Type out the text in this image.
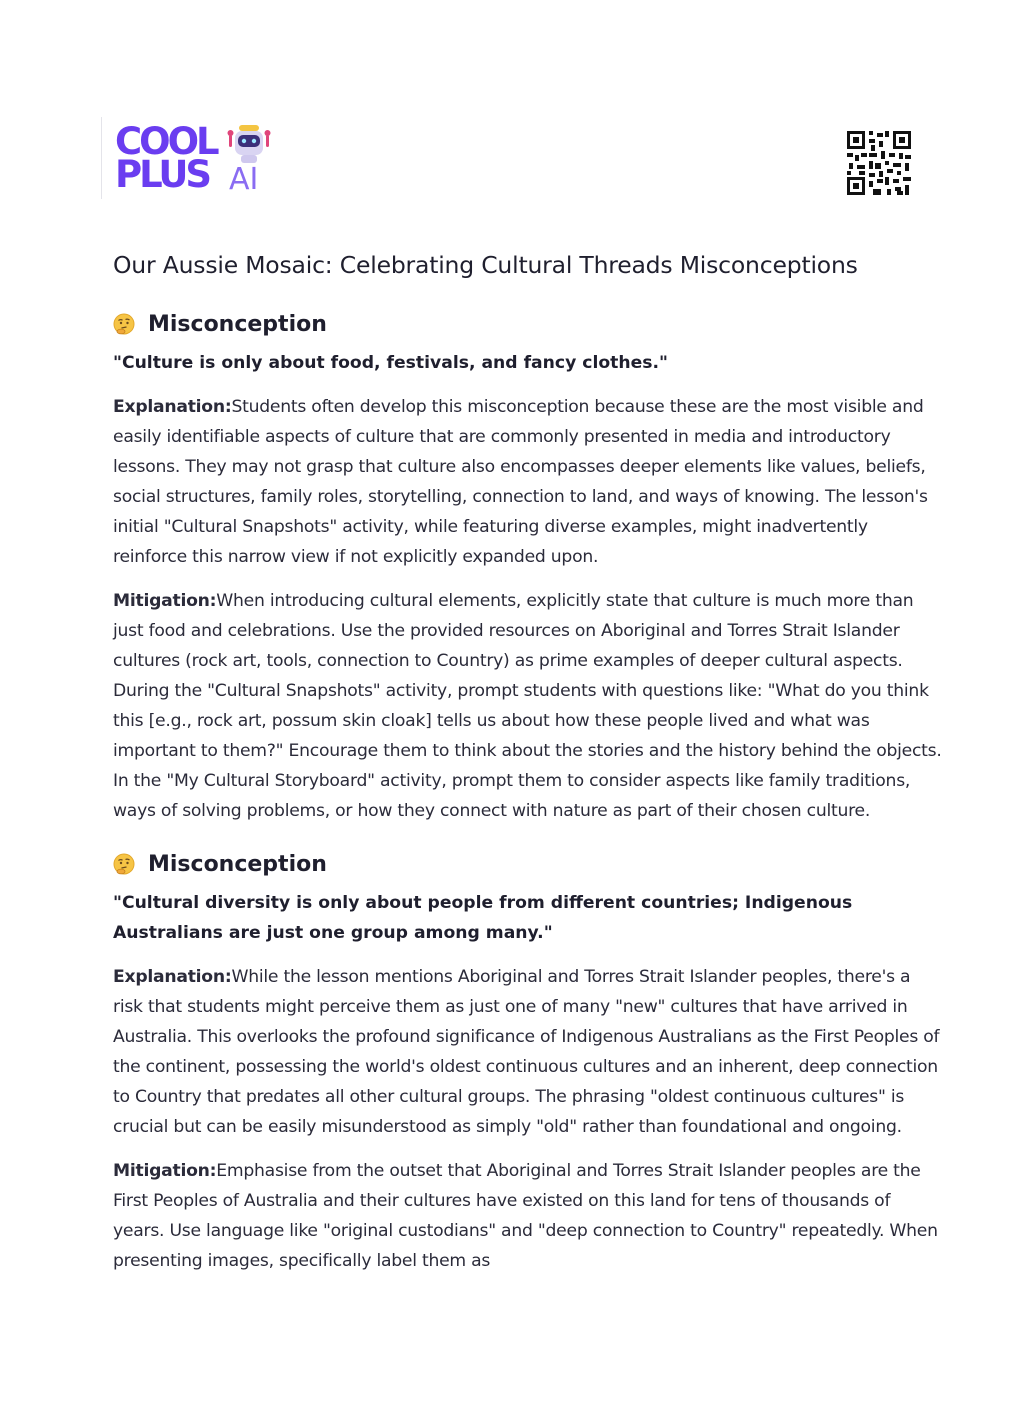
COOL
PLUS AI
Our Aussie Mosaic: Celebrating Cultural Threads Misconceptions
Misconception

"Culture is only about food, festivals, and fancy clothes."

Explanation:Students often develop this misconception because these are the most visible and easily identifiable aspects of culture that are commonly presented in media and introductory lessons. They may not grasp that culture also encompasses deeper elements like values, beliefs, social structures, family roles, storytelling, connection to land, and ways of knowing. The lesson's initial "Cultural Snapshots" activity, while featuring diverse examples, might inadvertently reinforce this narrow view if not explicitly expanded upon.

Mitigation:When introducing cultural elements, explicitly state that culture is much more than just food and celebrations. Use the provided resources on Aboriginal and Torres Strait Islander cultures (rock art, tools, connection to Country) as prime examples of deeper cultural aspects. During the "Cultural Snapshots" activity, prompt students with questions like: "What do you think this [e.g., rock art, possum skin cloak] tells us about how these people lived and what was important to them?" Encourage them to think about the stories and the history behind the objects. In the "My Cultural Storyboard" activity, prompt them to consider aspects like family traditions, ways of solving problems, or how they connect with nature as part of their chosen culture.

Misconception

"Cultural diversity is only about people from different countries; Indigenous Australians are just one group among many."

Explanation:While the lesson mentions Aboriginal and Torres Strait Islander peoples, there's a risk that students might perceive them as just one of many "new" cultures that have arrived in Australia. This overlooks the profound significance of Indigenous Australians as the First Peoples of the continent, possessing the world's oldest continuous cultures and an inherent, deep connection to Country that predates all other cultural groups. The phrasing "oldest continuous cultures" is crucial but can be easily misunderstood as simply "old" rather than foundational and ongoing.

Mitigation:Emphasise from the outset that Aboriginal and Torres Strait Islander peoples are the First Peoples of Australia and their cultures have existed on this land for tens of thousands of years. Use language like "original custodians" and "deep connection to Country" repeatedly. When presenting images, specifically label them as
